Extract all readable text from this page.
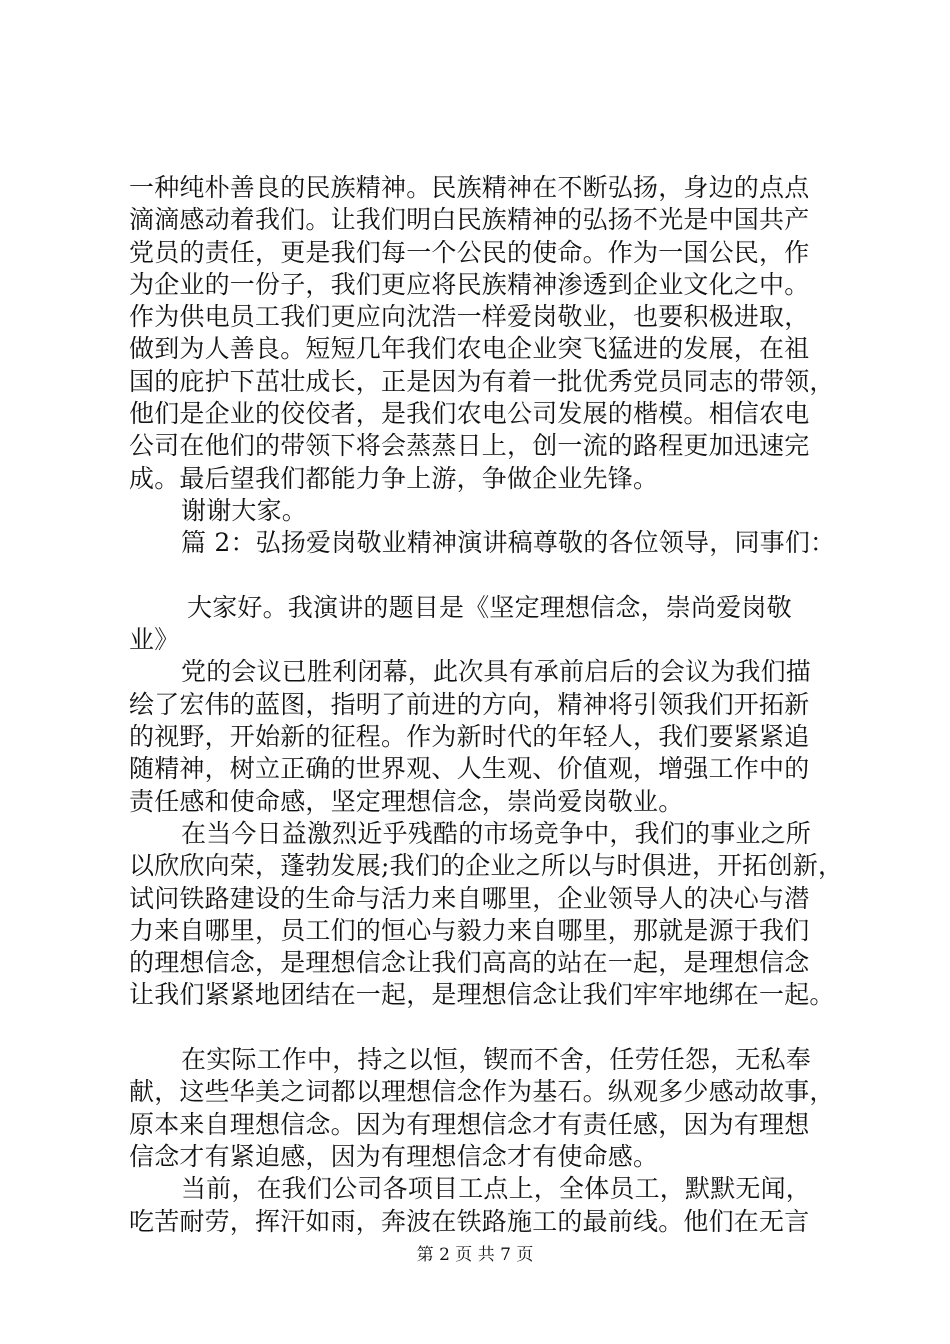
一种纯朴善良的民族精神。民族精神在不断弘扬，身边的点点
滴滴感动着我们。让我们明白民族精神的弘扬不光是中国共产
党员的责任，更是我们每一个公民的使命。作为一国公民，作
为企业的一份子，我们更应将民族精神渗透到企业文化之中。
作为供电员工我们更应向沈浩一样爱岗敬业，也要积极进取，
做到为人善良。短短几年我们农电企业突飞猛进的发展，在祖
国的庇护下茁壮成长，正是因为有着一批优秀党员同志的带领，
他们是企业的佼佼者，是我们农电公司发展的楷模。相信农电
公司在他们的带领下将会蒸蒸日上，创一流的路程更加迅速完
成。最后望我们都能力争上游，争做企业先锋。
谢谢大家。
篇 2：弘扬爱岗敬业精神演讲稿尊敬的各位领导，同事们：
大家好。我演讲的题目是《坚定理想信念，崇尚爱岗敬
业》
党的会议已胜利闭幕，此次具有承前启后的会议为我们描
绘了宏伟的蓝图，指明了前进的方向，精神将引领我们开拓新
的视野，开始新的征程。作为新时代的年轻人，我们要紧紧追
随精神，树立正确的世界观、人生观、价值观，增强工作中的
责任感和使命感，坚定理想信念，崇尚爱岗敬业。
在当今日益激烈近乎残酷的市场竞争中，我们的事业之所
以欣欣向荣，蓬勃发展;我们的企业之所以与时俱进，开拓创新，
试问铁路建设的生命与活力来自哪里，企业领导人的决心与潜
力来自哪里，员工们的恒心与毅力来自哪里，那就是源于我们
的理想信念，是理想信念让我们高高的站在一起，是理想信念
让我们紧紧地团结在一起，是理想信念让我们牢牢地绑在一起。
在实际工作中，持之以恒，锲而不舍，任劳任怨，无私奉
献，这些华美之词都以理想信念作为基石。纵观多少感动故事，
原本来自理想信念。因为有理想信念才有责任感，因为有理想
信念才有紧迫感，因为有理想信念才有使命感。
当前，在我们公司各项目工点上，全体员工，默默无闻，
吃苦耐劳，挥汗如雨，奔波在铁路施工的最前线。他们在无言
第 2 页 共 7 页
